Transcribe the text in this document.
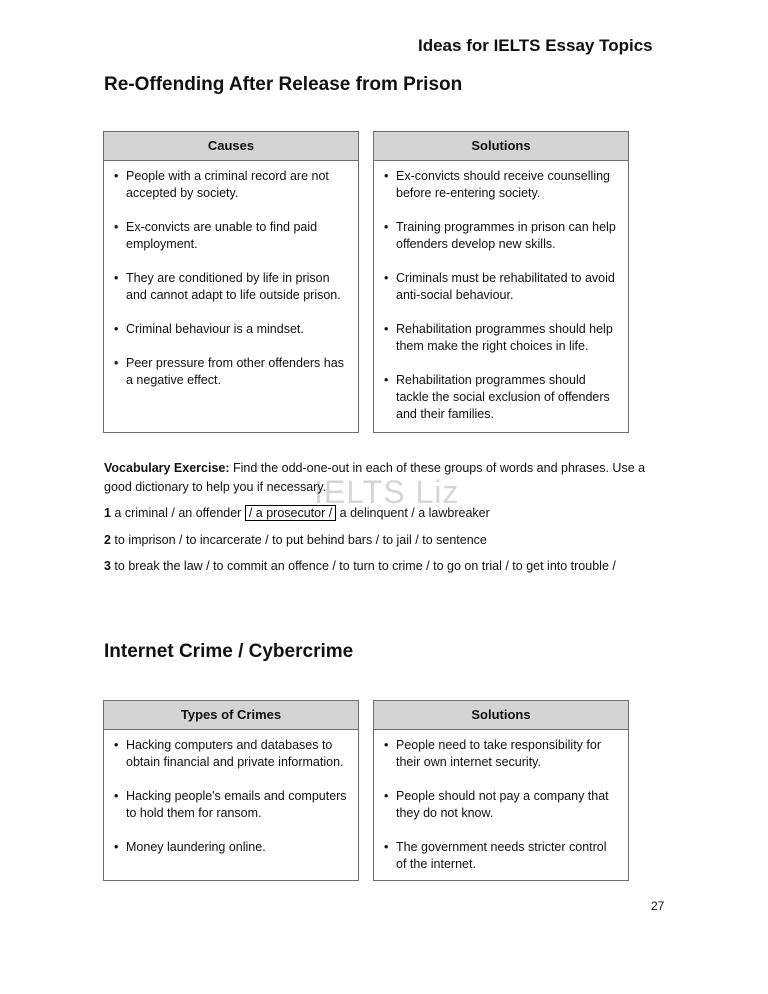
Ideas for IELTS Essay Topics
Re-Offending After Release from Prison
Causes
• People with a criminal record are not accepted by society.
• Ex-convicts are unable to find paid employment.
• They are conditioned by life in prison and cannot adapt to life outside prison.
• Criminal behaviour is a mindset.
• Peer pressure from other offenders has a negative effect.
Solutions
• Ex-convicts should receive counselling before re-entering society.
• Training programmes in prison can help offenders develop new skills.
• Criminals must be rehabilitated to avoid anti-social behaviour.
• Rehabilitation programmes should help them make the right choices in life.
• Rehabilitation programmes should tackle the social exclusion of offenders and their families.
IELTS Liz
Vocabulary Exercise: Find the odd-one-out in each of these groups of words and phrases. Use a good dictionary to help you if necessary.
1 a criminal / an offender / a prosecutor / a delinquent / a lawbreaker
2 to imprison / to incarcerate / to put behind bars / to jail / to sentence
3 to break the law / to commit an offence / to turn to crime / to go on trial / to get into trouble /
Internet Crime / Cybercrime
Types of Crimes
• Hacking computers and databases to obtain financial and private information.
• Hacking people's emails and computers to hold them for ransom.
• Money laundering online.
Solutions
• People need to take responsibility for their own internet security.
• People should not pay a company that they do not know.
• The government needs stricter control of the internet.
27
